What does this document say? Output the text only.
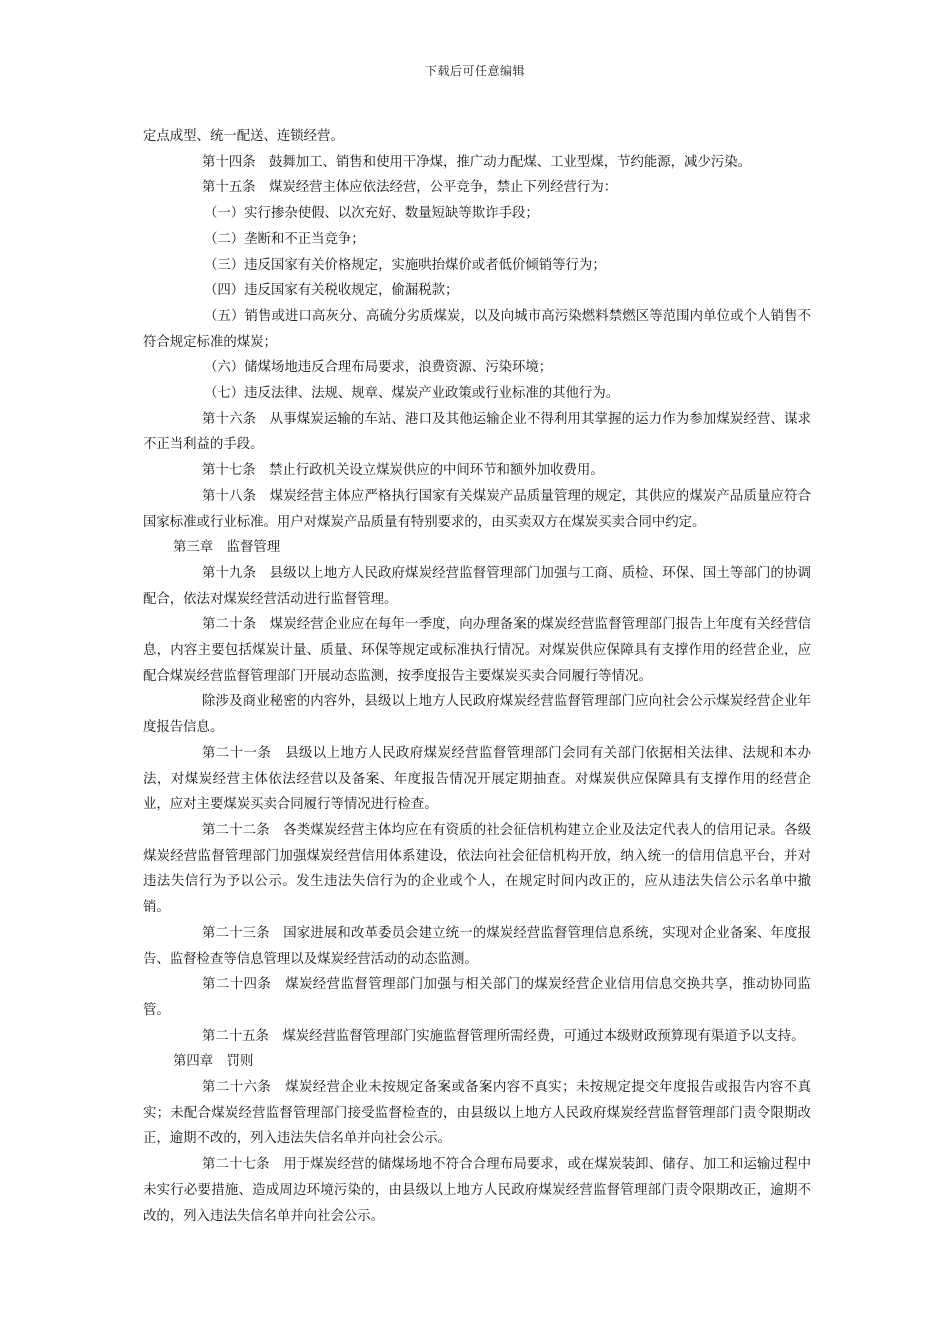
下载后可任意编辑

定点成型、统一配送、连锁经营。

第十四条　鼓舞加工、销售和使用干净煤，推广动力配煤、工业型煤，节约能源，减少污染。

第十五条　煤炭经营主体应依法经营，公平竞争，禁止下列经营行为：

（一）实行掺杂使假、以次充好、数量短缺等欺诈手段；

（二）垄断和不正当竞争；

（三）违反国家有关价格规定，实施哄抬煤价或者低价倾销等行为；

（四）违反国家有关税收规定，偷漏税款；

（五）销售或进口高灰分、高硫分劣质煤炭，以及向城市高污染燃料禁燃区等范围内单位或个人销售不符合规定标准的煤炭；

（六）储煤场地违反合理布局要求，浪费资源、污染环境；

（七）违反法律、法规、规章、煤炭产业政策或行业标准的其他行为。

第十六条　从事煤炭运输的车站、港口及其他运输企业不得利用其掌握的运力作为参加煤炭经营、谋求不正当利益的手段。

第十七条　禁止行政机关设立煤炭供应的中间环节和额外加收费用。

第十八条　煤炭经营主体应严格执行国家有关煤炭产品质量管理的规定，其供应的煤炭产品质量应符合国家标准或行业标准。用户对煤炭产品质量有特别要求的，由买卖双方在煤炭买卖合同中约定。

第三章　监督管理

第十九条　县级以上地方人民政府煤炭经营监督管理部门加强与工商、质检、环保、国土等部门的协调配合，依法对煤炭经营活动进行监督管理。

第二十条　煤炭经营企业应在每年一季度，向办理备案的煤炭经营监督管理部门报告上年度有关经营信息，内容主要包括煤炭计量、质量、环保等规定或标准执行情况。对煤炭供应保障具有支撑作用的经营企业，应配合煤炭经营监督管理部门开展动态监测，按季度报告主要煤炭买卖合同履行等情况。

除涉及商业秘密的内容外，县级以上地方人民政府煤炭经营监督管理部门应向社会公示煤炭经营企业年度报告信息。

第二十一条　县级以上地方人民政府煤炭经营监督管理部门会同有关部门依据相关法律、法规和本办法，对煤炭经营主体依法经营以及备案、年度报告情况开展定期抽查。对煤炭供应保障具有支撑作用的经营企业，应对主要煤炭买卖合同履行等情况进行检查。

第二十二条　各类煤炭经营主体均应在有资质的社会征信机构建立企业及法定代表人的信用记录。各级煤炭经营监督管理部门加强煤炭经营信用体系建设，依法向社会征信机构开放，纳入统一的信用信息平台，并对违法失信行为予以公示。发生违法失信行为的企业或个人，在规定时间内改正的，应从违法失信公示名单中撤销。

第二十三条　国家进展和改革委员会建立统一的煤炭经营监督管理信息系统，实现对企业备案、年度报告、监督检查等信息管理以及煤炭经营活动的动态监测。

第二十四条　煤炭经营监督管理部门加强与相关部门的煤炭经营企业信用信息交换共享，推动协同监管。

第二十五条　煤炭经营监督管理部门实施监督管理所需经费，可通过本级财政预算现有渠道予以支持。

第四章　罚则

第二十六条　煤炭经营企业未按规定备案或备案内容不真实；未按规定提交年度报告或报告内容不真实；未配合煤炭经营监督管理部门接受监督检查的，由县级以上地方人民政府煤炭经营监督管理部门责令限期改正，逾期不改的，列入违法失信名单并向社会公示。

第二十七条　用于煤炭经营的储煤场地不符合合理布局要求，或在煤炭装卸、储存、加工和运输过程中未实行必要措施、造成周边环境污染的，由县级以上地方人民政府煤炭经营监督管理部门责令限期改正，逾期不改的，列入违法失信名单并向社会公示。
